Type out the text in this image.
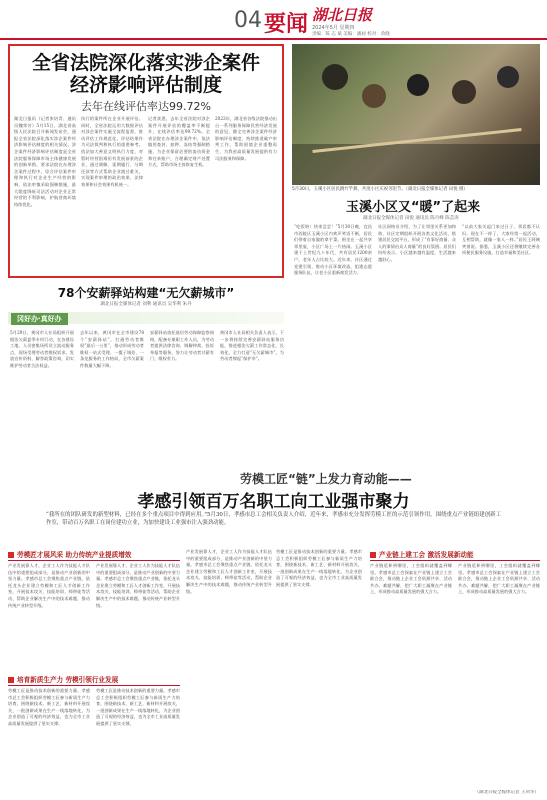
04 要闻 湖北日报
2024年5月 星期四
责编：陈 志 斌 美编：潘昶 校对：余晓
全省法院深化落实涉企案件
经济影响评估制度
去年在线评估率达99.72%
湖北日报讯（记者张培青、通讯员魏荣芳）5月15日，湖北省高级人民法院召开新闻发布会，通报全省法院深化落实涉企案件经济影响评估制度的相关情况。涉企案件经济影响评估制度是全省法院服务保障市场主体健康发展的创新举措，要求法院在办理涉企案件过程中，综合评估案件审理和执行对企业生产经营的影响，依法审慎采取强制措施，最大限度降低司法活动对企业正常经营的不利影响，护航营商环境持续优化。
执行的案件所在企业开展评估。同时，全省法院运用大数据评估对涉企案件实施全流程监督，推动评估工作规范化。评估结果作为司法裁判和执行的重要参考。依法加大善意文明执行力度，对暂时经营困难但有发展前景的企业，通过调解、延期履行、分期还款等方式帮助企业渡过难关，实现案件审理的政治效果、法律效果和社会效果有机统一。
记者获悉，去年全省法院对涉企案件开展评估的覆盖率不断提升，在线评估率达99.72%。全省法院在办理涉企案件中，依法慎用查封、扣押、冻结等强制措施，为企业保留必要的流动资金和往来账户，合理确定财产处置方式，帮助市场主体恢复生机。
2023年，湖北省各级法院推动出台一系列服务保障民营经济发展的意见，健全完善涉企案件经济影响评估制度，持续推进破产审判工作，帮助困境企业重整再生，为我省高质量发展提供有力司法服务和保障。
5月30日，玉溪小区居民跳竹竿舞，共度小区庆祝邻里节。（湖北日报全媒体记者 田悦 摄）
玉溪小区又“暖”了起来
湖北日报全媒体记者 田悦 通讯员 陈月峰 陈芸涛
“吃饭咯！快来尝尝！”5月30日晚，宜昌市西陵区玉溪小区内欢声笑语不断，居民们带着自家做的拿手菜，围坐在一起共享邻里宴，小区广场上一片热闹。玉溪小区建于上世纪九十年代，共有居民1200余户，老年人占比较大。近年来，社区通过党建引领，推动小区环境改造，组建志愿服务队伍，让老小区重新焕发活力。
社区网格员介绍，为了让邻里关系更加和谐，社区定期组织开展各类文化活动，搭建居民交流平台，形成了“有事好商量、众人的事情由众人商量”的良好氛围。居民们纷纷表示，小区越来越有温度，生活越来越舒心。
“以前大家关起门来过日子，邻居都不认识。现在不一样了，大家经常一起活动，互相帮助，就像一家人一样。”居民王阿姨笑着说。据悉，玉溪小区还将继续完善各项便民服务设施，打造幸福和美社区。
78个安薪驿站构建“无欠薪城市”
湖北日报全媒体记者 刘利 通讯员 吴华利 朱丹
冈好办·真好办
5月29日，黄冈市人社局组织开展根治欠薪夏季专项行动，在各建设工地、人员密集场所设立流动服务点，现场受理劳动者维权诉求，发放宣传资料，解答政策咨询，切实维护劳动者合法权益。
去年以来，黄冈市在全市建设78个“安薪驿站”，打通劳动者维权“最后一公里”，推动形成劳动者维权一站式受理、一揽子调处、一条龙服务的工作格局，全市欠薪案件数量大幅下降。
安薪驿站依托基层劳动保障监察网格，配备专兼职工作人员，为劳动者提供法律咨询、调解仲裁、投诉举报等服务，努力让劳动者讨薪有门、维权有力。
黄冈市人社局相关负责人表示，下一步将持续完善安薪驿站服务功能，推进根治欠薪工作常态化、长效化，全力打造“无欠薪城市”，为劳动者撑起“保护伞”。
劳模工匠“链”上发力育动能——
孝感引领百万名职工向工业强市聚力
“我所在的团队研发的新型材料，已经在多个重点项目中得到应用。”5月30日，孝感市总工会相关负责人介绍，近年来，孝感市充分发挥劳模工匠的示范引领作用，围绕重点产业链组建创新工作室，带动百万名职工在岗位建功立业，为加快建设工业强市注入强劲动能。
劳模匠才展风采 助力传统产业提质增效
产业发展靠人才，企业工人作为技能人才队伍中的重要组成部分，是推动产业创新的中坚力量。孝感市总工会聚焦重点产业链，依托龙头企业建立劳模和工匠人才创新工作室，开展技术攻关、技能培训、师带徒等活动，帮助企业解决生产中的技术难题，推动传统产业转型升级。
产业发展靠人才，企业工人作为技能人才队伍中的重要组成部分，是推动产业创新的中坚力量。孝感市总工会聚焦重点产业链，依托龙头企业建立劳模和工匠人才创新工作室，开展技术攻关、技能培训、师带徒等活动，帮助企业解决生产中的技术难题，推动传统产业转型升级。
培育新质生产力 劳模引领行业发展
劳模工匠是推动技术创新的重要力量。孝感市总工会积极组织劳模工匠参与新质生产力培育，围绕新技术、新工艺、新材料开展攻关，一批创新成果在生产一线落地转化，为企业创造了可观的经济效益，也为全市工业高质量发展提供了坚实支撑。
劳模工匠是推动技术创新的重要力量。孝感市总工会积极组织劳模工匠参与新质生产力培育，围绕新技术、新工艺、新材料开展攻关，一批创新成果在生产一线落地转化，为企业创造了可观的经济效益，也为全市工业高质量发展提供了坚实支撑。
产业发展靠人才，企业工人作为技能人才队伍中的重要组成部分，是推动产业创新的中坚力量。孝感市总工会聚焦重点产业链，依托龙头企业建立劳模和工匠人才创新工作室，开展技术攻关、技能培训、师带徒等活动，帮助企业解决生产中的技术难题，推动传统产业转型升级。
劳模工匠是推动技术创新的重要力量。孝感市总工会积极组织劳模工匠参与新质生产力培育，围绕新技术、新工艺、新材料开展攻关，一批创新成果在生产一线落地转化，为企业创造了可观的经济效益，也为全市工业高质量发展提供了坚实支撑。
产业链上建工会 激活发展新动能
产业链延伸到哪里，工会组织就覆盖到哪里。孝感市总工会探索在产业链上建立工会联合会，推动链上企业工会资源共享、活动共办、难题共解，把广大职工凝聚在产业链上，形成推动高质量发展的强大合力。
产业链延伸到哪里，工会组织就覆盖到哪里。孝感市总工会探索在产业链上建立工会联合会，推动链上企业工会资源共享、活动共办、难题共解，把广大职工凝聚在产业链上，形成推动高质量发展的强大合力。
（湖北日报全媒体记者 王剑华）
